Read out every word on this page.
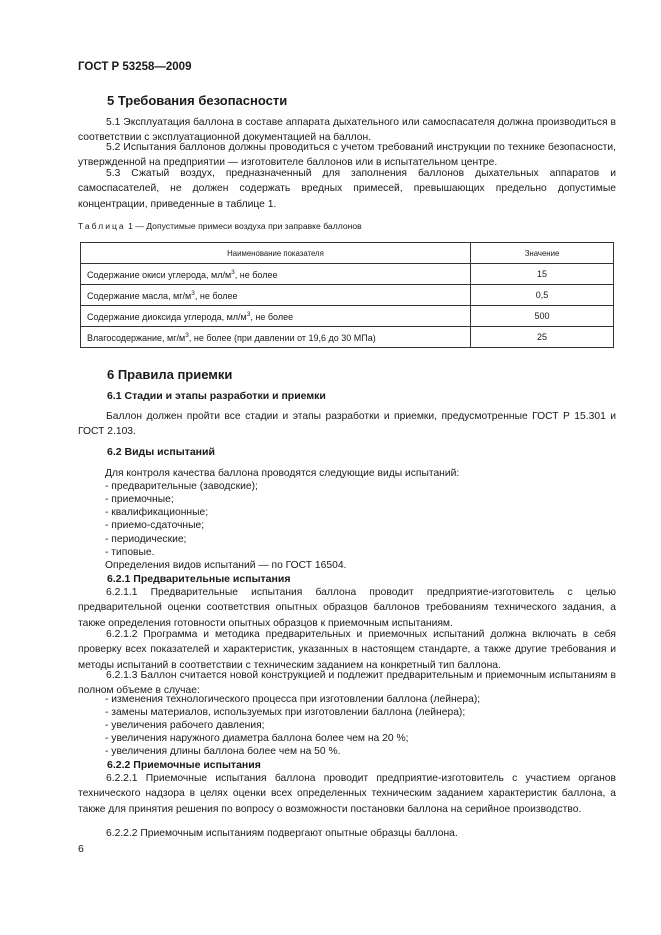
ГОСТ Р 53258—2009
5 Требования безопасности
5.1 Эксплуатация баллона в составе аппарата дыхательного или самоспасателя должна производиться в соответствии с эксплуатационной документацией на баллон.
5.2 Испытания баллонов должны проводиться с учетом требований инструкции по технике безопасности, утвержденной на предприятии — изготовителе баллонов или в испытательном центре.
5.3 Сжатый воздух, предназначенный для заполнения баллонов дыхательных аппаратов и самоспасателей, не должен содержать вредных примесей, превышающих предельно допустимые концентрации, приведенные в таблице 1.
Таблица 1 — Допустимые примеси воздуха при заправке баллонов
Наименование показателя	Значение
Содержание окиси углерода, $мл/м^3$, не более	15
Содержание масла, $мг/м^3$, не более	0,5
Содержание диоксида углерода, $мл/м^3$, не более	500
Влагосодержание, $мг/м^3$, не более (при давлении от 19,6 до 30 МПа)	25
6 Правила приемки
6.1 Стадии и этапы разработки и приемки
Баллон должен пройти все стадии и этапы разработки и приемки, предусмотренные ГОСТ Р 15.301 и ГОСТ 2.103.
6.2 Виды испытаний
Для контроля качества баллона проводятся следующие виды испытаний:
- предварительные (заводские);
- приемочные;
- квалификационные;
- приемо-сдаточные;
- периодические;
- типовые.
Определения видов испытаний — по ГОСТ 16504.
6.2.1 Предварительные испытания
6.2.1.1 Предварительные испытания баллона проводит предприятие-изготовитель с целью предварительной оценки соответствия опытных образцов баллонов требованиям технического задания, а также определения готовности опытных образцов к приемочным испытаниям.
6.2.1.2 Программа и методика предварительных и приемочных испытаний должна включать в себя проверку всех показателей и характеристик, указанных в настоящем стандарте, а также другие требования и методы испытаний в соответствии с техническим заданием на конкретный тип баллона.
6.2.1.3 Баллон считается новой конструкцией и подлежит предварительным и приемочным испытаниям в полном объеме в случае:
- изменения технологического процесса при изготовлении баллона (лейнера);
- замены материалов, используемых при изготовлении баллона (лейнера);
- увеличения рабочего давления;
- увеличения наружного диаметра баллона более чем на 20 %;
- увеличения длины баллона более чем на 50 %.
6.2.2 Приемочные испытания
6.2.2.1 Приемочные испытания баллона проводит предприятие-изготовитель с участием органов технического надзора в целях оценки всех определенных техническим заданием характеристик баллона, а также для принятия решения по вопросу о возможности постановки баллона на серийное производство.
6.2.2.2 Приемочным испытаниям подвергают опытные образцы баллона.
6
